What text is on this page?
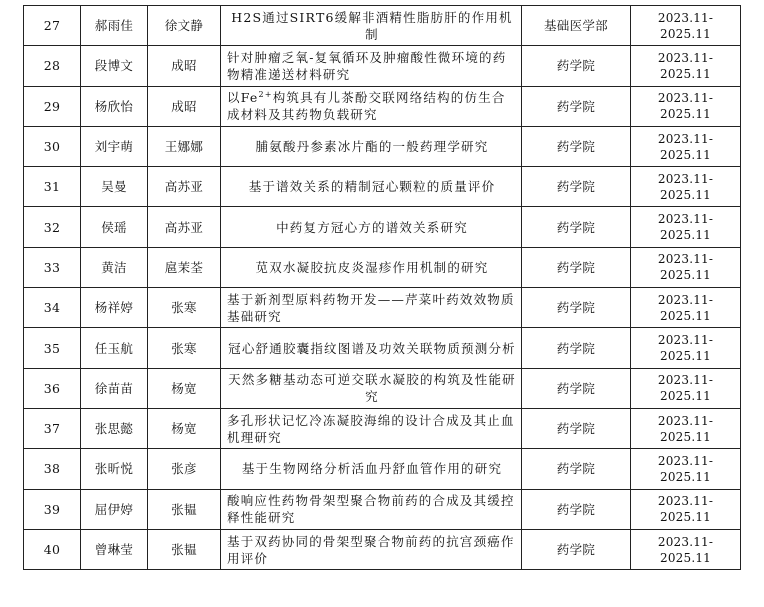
27	郝雨佳	徐文静	H2S通过SIRT6缓解非酒精性脂肪肝的作用机制	基础医学部	2023.11-
2025.11

28	段博文	成昭	针对肿瘤乏氧-复氧循环及肿瘤酸性微环境的药物精准递送材料研究	药学院	2023.11-
2025.11

29	杨欣怡	成昭	以$Fe^{2+}$构筑具有儿茶酚交联网络结构的仿生合成材料及其药物负载研究	药学院	2023.11-
2025.11

30	刘宇萌	王娜娜	脯氨酸丹参素冰片酯的一般药理学研究	药学院	2023.11-
2025.11

31	吴曼	高苏亚	基于谱效关系的精制冠心颗粒的质量评价	药学院	2023.11-
2025.11

32	侯瑶	高苏亚	中药复方冠心方的谱效关系研究	药学院	2023.11-
2025.11

33	黄洁	扈茉荃	苋双水凝胶抗皮炎湿疹作用机制的研究	药学院	2023.11-
2025.11

34	杨祥婷	张寒	基于新剂型原料药物开发——芹菜叶药效效物质基础研究	药学院	2023.11-
2025.11

35	任玉航	张寒	冠心舒通胶囊指纹图谱及功效关联物质预测分析	药学院	2023.11-
2025.11

36	徐苗苗	杨宽	天然多糖基动态可逆交联水凝胶的构筑及性能研究	药学院	2023.11-
2025.11

37	张思懿	杨宽	多孔形状记忆冷冻凝胶海绵的设计合成及其止血机理研究	药学院	2023.11-
2025.11

38	张昕悦	张彦	基于生物网络分析活血丹舒血管作用的研究	药学院	2023.11-
2025.11

39	屈伊婷	张韫	酸响应性药物骨架型聚合物前药的合成及其缓控释性能研究	药学院	2023.11-
2025.11

40	曾琳莹	张韫	基于双药协同的骨架型聚合物前药的抗宫颈癌作用评价	药学院	2023.11-
2025.11
